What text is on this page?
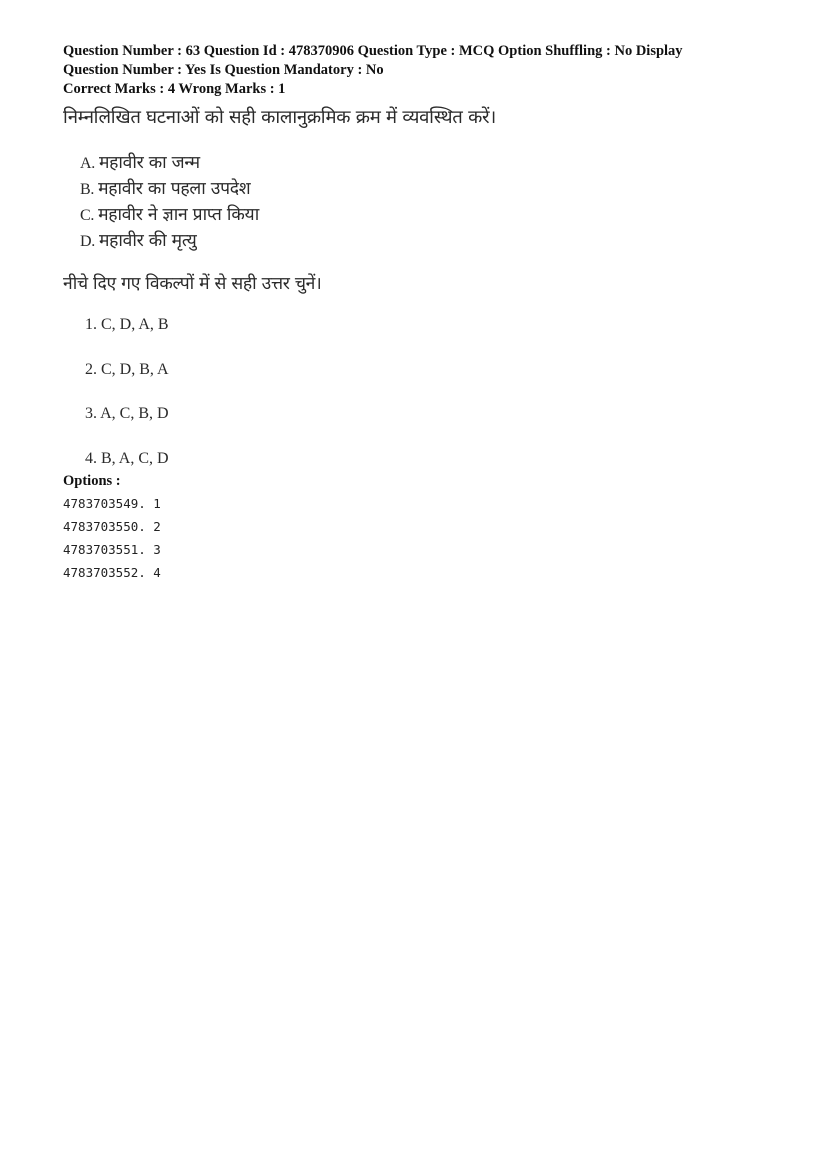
Question Number : 63 Question Id : 478370906 Question Type : MCQ Option Shuffling : No Display
Question Number : Yes Is Question Mandatory : No
Correct Marks : 4 Wrong Marks : 1
निम्नलिखित घटनाओं को सही कालानुक्रमिक क्रम में व्यवस्थित करें।
A. महावीर का जन्म
B. महावीर का पहला उपदेश
C. महावीर ने ज्ञान प्राप्त किया
D. महावीर की मृत्यु
नीचे दिए गए विकल्पों में से सही उत्तर चुनें।
1. C, D, A, B
2. C, D, B, A
3. A, C, B, D
4. B, A, C, D
Options :
4783703549. 1
4783703550. 2
4783703551. 3
4783703552. 4
